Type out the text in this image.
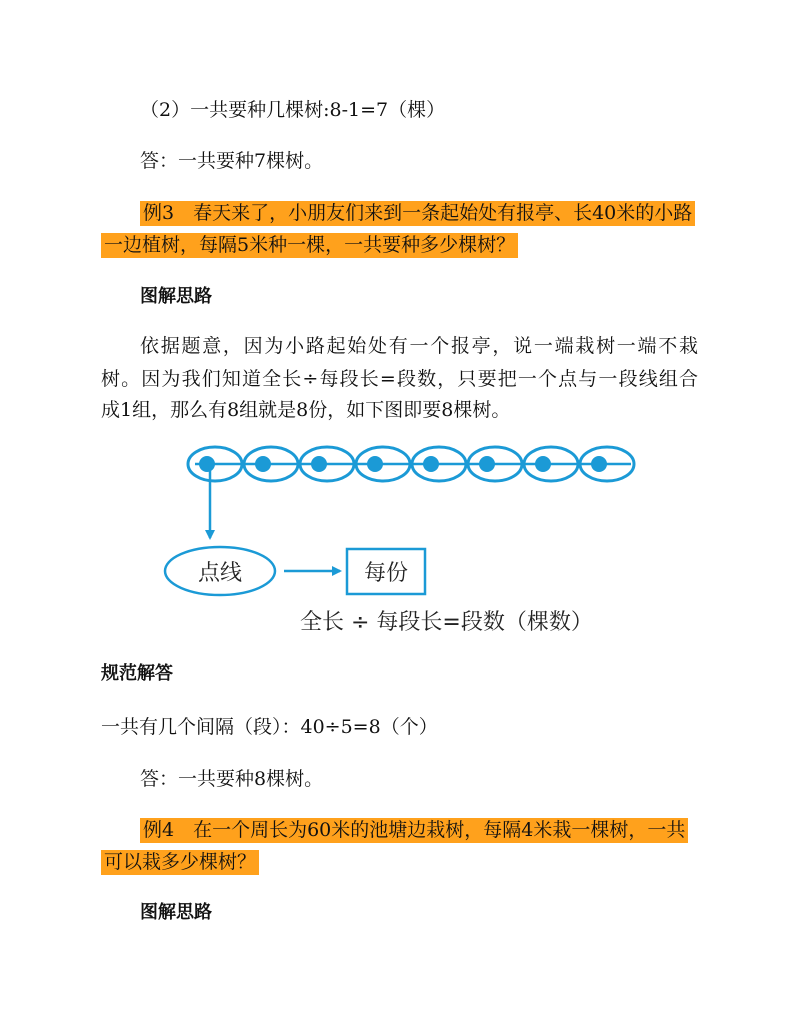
（2）一共要种几棵树:8-1=7（棵）
答：一共要种7棵树。
例3　春天来了，小朋友们来到一条起始处有报亭、长40米的小路
一边植树，每隔5米种一棵，一共要种多少棵树？
图解思路
依据题意，因为小路起始处有一个报亭，说一端栽树一端不栽
树。因为我们知道全长÷每段长=段数，只要把一个点与一段线组合
成1组，那么有8组就是8份，如下图即要8棵树。
点线	每份
全长 ÷ 每段长=段数（棵数）
规范解答
一共有几个间隔（段）：40÷5=8（个）
答：一共要种8棵树。
例4　在一个周长为60米的池塘边栽树，每隔4米栽一棵树，一共
可以栽多少棵树？
图解思路
